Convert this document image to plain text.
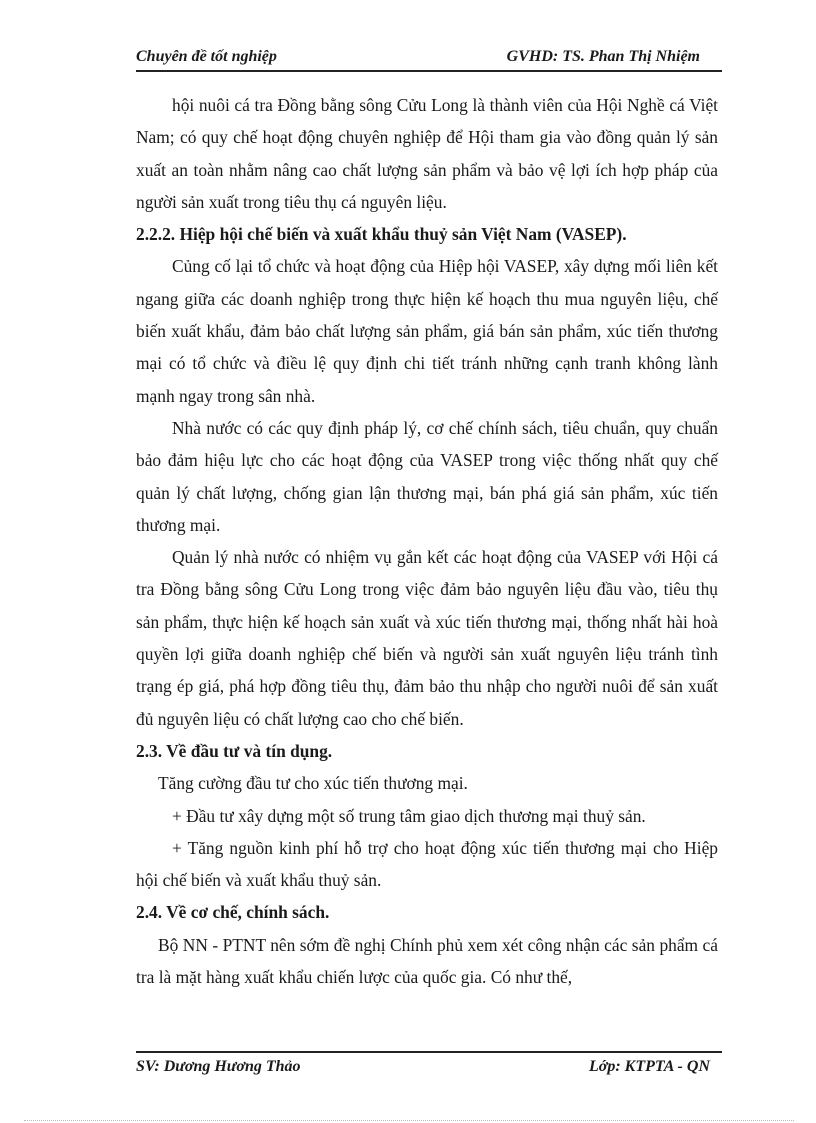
Chuyên đề tốt nghiệp	GVHD: TS. Phan Thị Nhiệm

hội nuôi cá tra Đồng bằng sông Cửu Long là thành viên của Hội Nghề cá Việt Nam; có quy chế hoạt động chuyên nghiệp để Hội tham gia vào đồng quản lý sản xuất an toàn nhằm nâng cao chất lượng sản phẩm và bảo vệ lợi ích hợp pháp của người sản xuất trong tiêu thụ cá nguyên liệu.

2.2.2. Hiệp hội chế biến và xuất khẩu thuỷ sản Việt Nam (VASEP).

Củng cố lại tổ chức và hoạt động của Hiệp hội VASEP, xây dựng mối liên kết ngang giữa các doanh nghiệp trong thực hiện kế hoạch thu mua nguyên liệu, chế biến xuất khẩu, đảm bảo chất lượng sản phẩm, giá bán sản phẩm, xúc tiến thương mại có tổ chức và điều lệ quy định chi tiết tránh những cạnh tranh không lành mạnh ngay trong sân nhà.

Nhà nước có các quy định pháp lý, cơ chế chính sách, tiêu chuẩn, quy chuẩn bảo đảm hiệu lực cho các hoạt động của VASEP trong việc thống nhất quy chế quản lý chất lượng, chống gian lận thương mại, bán phá giá sản phẩm, xúc tiến thương mại.

Quản lý nhà nước có nhiệm vụ gắn kết các hoạt động của VASEP với Hội cá tra Đồng bằng sông Cửu Long trong việc đảm bảo nguyên liệu đầu vào, tiêu thụ sản phẩm, thực hiện kế hoạch sản xuất và xúc tiến thương mại, thống nhất hài hoà quyền lợi giữa doanh nghiệp chế biến và người sản xuất nguyên liệu tránh tình trạng ép giá, phá hợp đồng tiêu thụ, đảm bảo thu nhập cho người nuôi để sản xuất đủ nguyên liệu có chất lượng cao cho chế biến.

2.3. Về đầu tư và tín dụng.

Tăng cường đầu tư cho xúc tiến thương mại.

+ Đầu tư xây dựng một số trung tâm giao dịch thương mại thuỷ sản.

+ Tăng nguồn kinh phí hỗ trợ cho hoạt động xúc tiến thương mại cho Hiệp hội chế biến và xuất khẩu thuỷ sản.

2.4. Về cơ chế, chính sách.

Bộ NN - PTNT nên sớm đề nghị Chính phủ xem xét công nhận các sản phẩm cá tra là mặt hàng xuất khẩu chiến lược của quốc gia. Có như thế,

SV: Dương Hương Thảo	Lớp: KTPTA - QN
